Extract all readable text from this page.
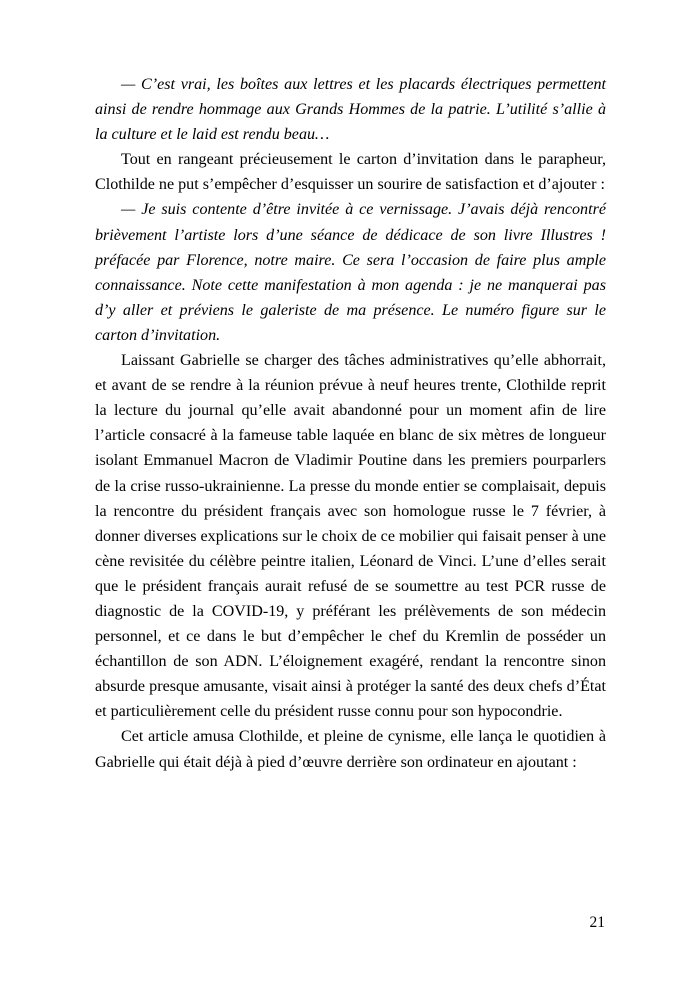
— C’est vrai, les boîtes aux lettres et les placards électriques permettent ainsi de rendre hommage aux Grands Hommes de la patrie. L’utilité s’allie à la culture et le laid est rendu beau…

Tout en rangeant précieusement le carton d’invitation dans le parapheur, Clothilde ne put s’empêcher d’esquisser un sourire de satisfaction et d’ajouter :

— Je suis contente d’être invitée à ce vernissage. J’avais déjà rencontré brièvement l’artiste lors d’une séance de dédicace de son livre Illustres ! préfacée par Florence, notre maire. Ce sera l’occasion de faire plus ample connaissance. Note cette manifestation à mon agenda : je ne manquerai pas d’y aller et préviens le galeriste de ma présence. Le numéro figure sur le carton d’invitation.

Laissant Gabrielle se charger des tâches administratives qu’elle abhorrait, et avant de se rendre à la réunion prévue à neuf heures trente, Clothilde reprit la lecture du journal qu’elle avait abandonné pour un moment afin de lire l’article consacré à la fameuse table laquée en blanc de six mètres de longueur isolant Emmanuel Macron de Vladimir Poutine dans les premiers pourparlers de la crise russo-ukrainienne. La presse du monde entier se complaisait, depuis la rencontre du président français avec son homologue russe le 7 février, à donner diverses explications sur le choix de ce mobilier qui faisait penser à une cène revisitée du célèbre peintre italien, Léonard de Vinci. L’une d’elles serait que le président français aurait refusé de se soumettre au test PCR russe de diagnostic de la COVID-19, y préférant les prélèvements de son médecin personnel, et ce dans le but d’empêcher le chef du Kremlin de posséder un échantillon de son ADN. L’éloignement exagéré, rendant la rencontre sinon absurde presque amusante, visait ainsi à protéger la santé des deux chefs d’État et particulièrement celle du président russe connu pour son hypocondrie.

Cet article amusa Clothilde, et pleine de cynisme, elle lança le quotidien à Gabrielle qui était déjà à pied d’œuvre derrière son ordinateur en ajoutant :

21
